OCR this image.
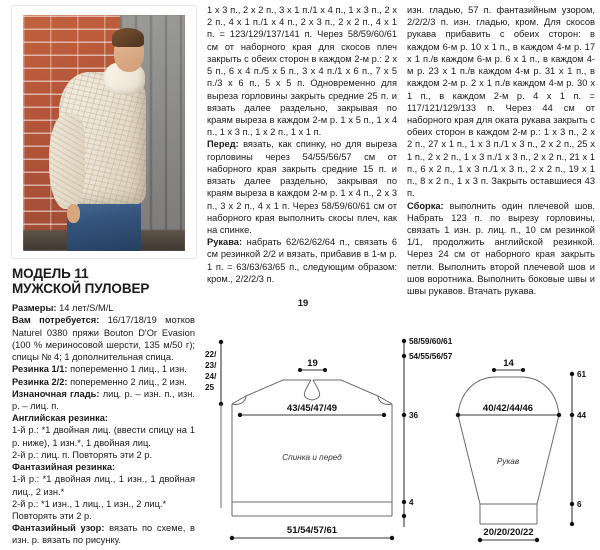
МОДЕЛЬ 11
МУЖСКОЙ ПУЛОВЕР

Размеры: 14 лет/S/M/L

Вам потребуется: 16/17/18/19 мотков Naturel 0380 пряжи Bouton D'Or Evasion (100 % мериносовой шерсти, 135 м/50 г); спицы № 4; 1 дополнительная спица.

Резинка 1/1: попеременно 1 лиц., 1 изн.

Резинка 2/2: попеременно 2 лиц., 2 изн.

Изнаночная гладь: лиц. р. – изн. п., изн. р. – лиц. п.

Английская резинка:

1-й р.: *1 двойная лиц. (ввести спицу на 1 р. ниже), 1 изн.*, 1 двойная лиц.

2-й р.: лиц. п. Повторять эти 2 р.

Фантазийная резинка:

1-й р.: *1 двойная лиц., 1 изн., 1 двойная лиц., 2 изн.*

2-й р.: *1 изн., 1 лиц., 1 изн., 2 лиц.*

Повторять эти 2 р.

Фантазийный узор: вязать по схеме, в изн. р. вязать по рисунку.

1 х 3 п., 2 х 2 п., 3 х 1 п./1 х 4 п., 1 х 3 п., 2 х 2 п., 4 х 1 п./1 х 4 п., 2 х 3 п., 2 х 2 п., 4 х 1 п. = 123/129/137/141 п. Через 58/59/60/61 см от наборного края для скосов плеч закрыть с обеих сторон в каждом 2-м р.: 2 х 5 п., 6 х 4 п./5 х 5 п., 3 х 4 п./1 х 6 п., 7 х 5 п./3 х 6 п., 5 х 5 п. Одновременно для выреза горловины закрыть средние 25 п. и вязать далее раздельно, закрывая по краям выреза в каждом 2-м р. 1 х 5 п., 1 х 4 п., 1 х 3 п., 1 х 2 п., 1 х 1 п.

Перед: вязать, как спинку, но для выреза горловины через 54/55/56/57 см от наборного края закрыть средние 15 п. и вязать далее раздельно, закрывая по краям выреза в каждом 2-м р. 1 х 4 п., 2 х 3 п., 3 х 2 п., 4 х 1 п. Через 58/59/60/61 см от наборного края выполнить скосы плеч, как на спинке.

Рукава: набрать 62/62/62/64 п., связать 6 см резинкой 2/2 и вязать, прибавив в 1-м р. 1 п. = 63/63/63/65 п., следующим образом: кром., 2/2/2/3 п.

изн. гладью, 57 п. фантазийным узором, 2/2/2/3 п. изн. гладью, кром. Для скосов рукава прибавить с обеих сторон: в каждом 6-м р. 10 х 1 п., в каждом 4-м р. 17 х 1 п./в каждом 6-м р. 6 х 1 п., в каждом 4-м р. 23 х 1 п./в каждом 4-м р. 31 х 1 п., в каждом 2-м р. 2 х 1 п./в каждом 4-м р. 30 х 1 п., в каждом 2-м р. 4 х 1 п. = 117/121/129/133 п. Через 44 см от наборного края для оката рукава закрыть с обеих сторон в каждом 2-м р.: 1 х 3 п., 2 х 2 п., 27 х 1 п., 1 х 3 п./1 х 3 п., 2 х 2 п., 25 х 1 п., 2 х 2 п., 1 х 3 п./1 х 3 п., 2 х 2 п., 21 х 1 п., 6 х 2 п., 1 х 3 п./1 х 3 п., 2 х 2 п., 19 х 1 п., 8 х 2 п., 1 х 3 п. Закрыть оставшиеся 43 п.

Сборка: выполнить один плечевой шов. Набрать 123 п. по вырезу горловины, связать 1 изн. р. лиц. п., 10 см резинкой 1/1, продолжить английской резинкой. Через 24 см от наборного края закрыть петли. Выполнить второй плечевой шов и шов воротника. Выполнить боковые швы и швы рукавов. Втачать рукава.

19
43/45/47/49
51/54/57/61
22/
23/
24/
25
58/59/60/61
54/55/56/57
36
4
Спинка и перед
14
40/42/44/46
20/20/20/22
61
44
6
Рукав
19
